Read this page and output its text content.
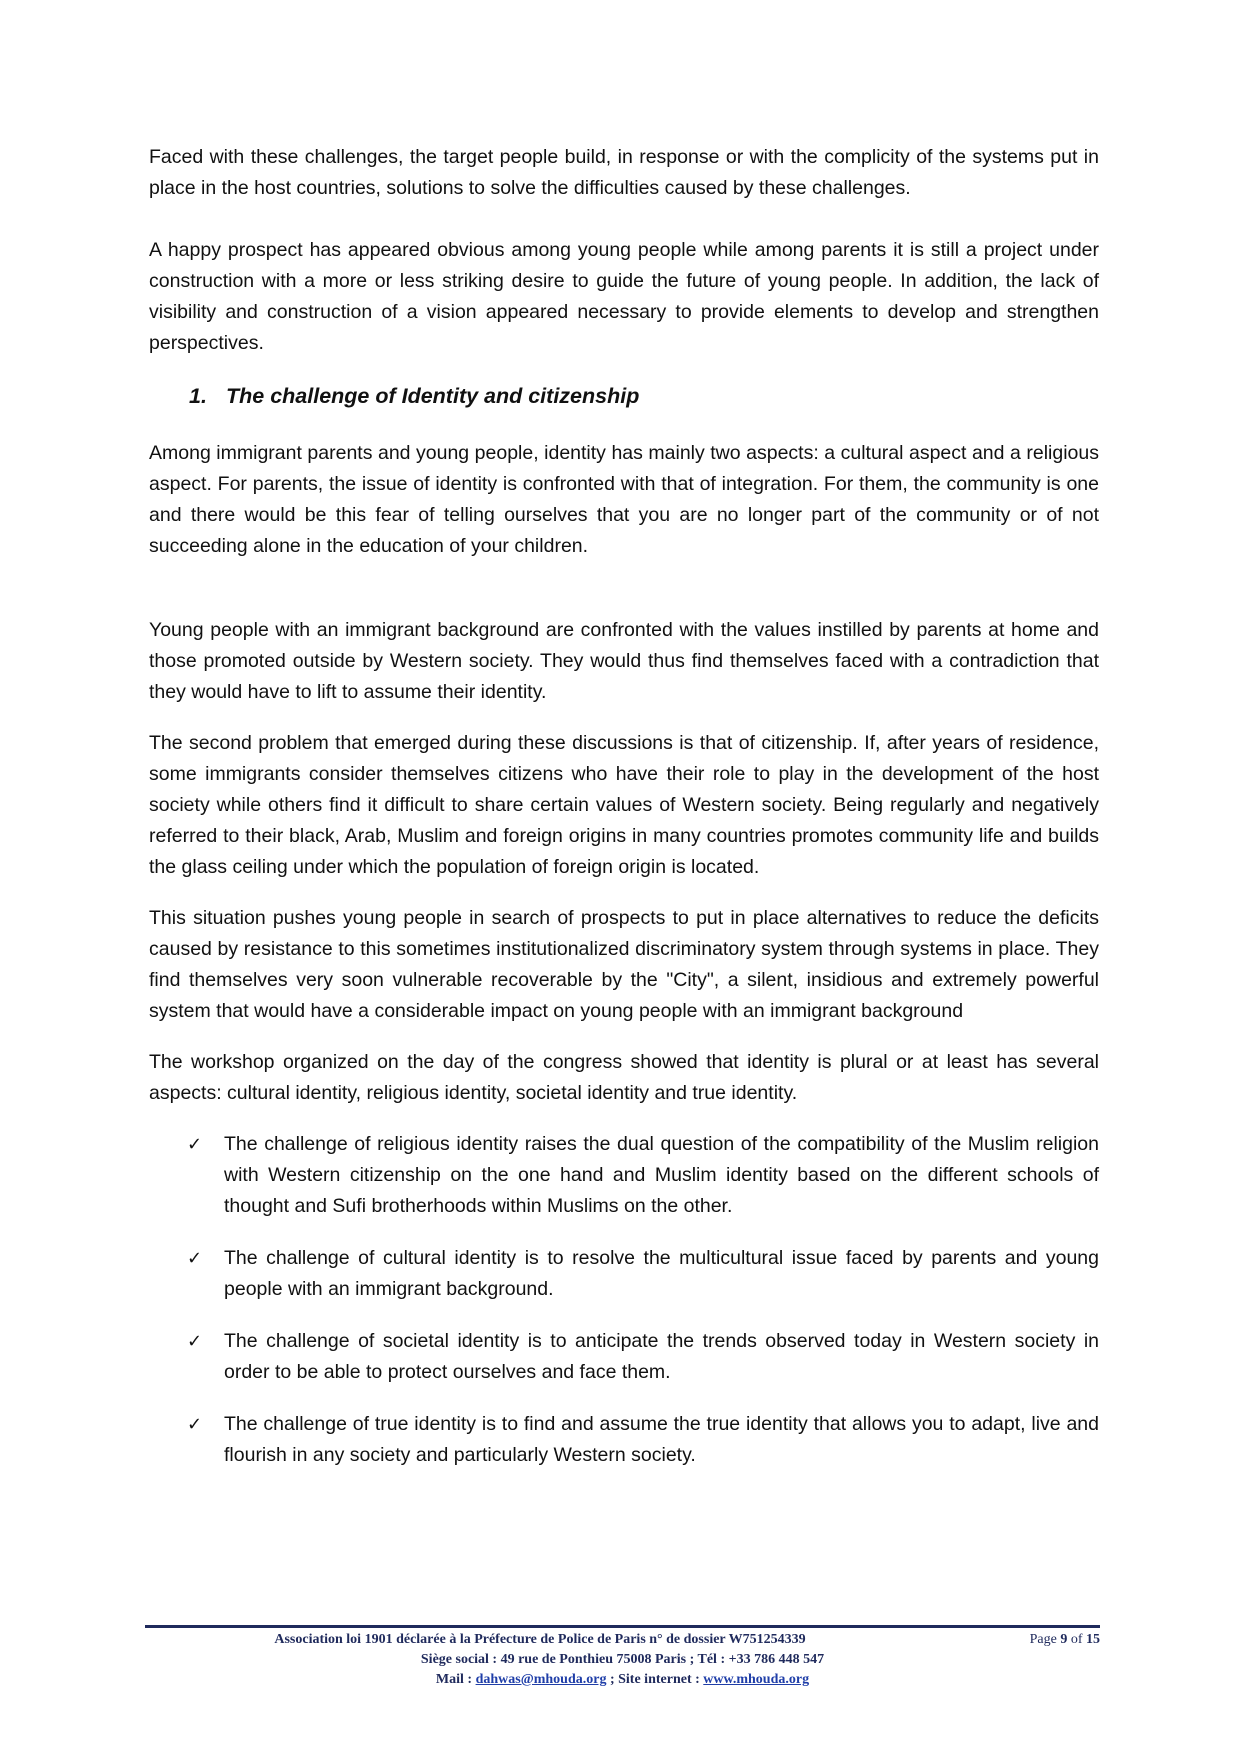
Faced with these challenges, the target people build, in response or with the complicity of the systems put in place in the host countries, solutions to solve the difficulties caused by these challenges.

A happy prospect has appeared obvious among young people while among parents it is still a project under construction with a more or less striking desire to guide the future of young people. In addition, the lack of visibility and construction of a vision appeared necessary to provide elements to develop and strengthen perspectives.

1. The challenge of Identity and citizenship

Among immigrant parents and young people, identity has mainly two aspects: a cultural aspect and a religious aspect. For parents, the issue of identity is confronted with that of integration. For them, the community is one and there would be this fear of telling ourselves that you are no longer part of the community or of not succeeding alone in the education of your children.

Young people with an immigrant background are confronted with the values instilled by parents at home and those promoted outside by Western society. They would thus find themselves faced with a contradiction that they would have to lift to assume their identity.

The second problem that emerged during these discussions is that of citizenship. If, after years of residence, some immigrants consider themselves citizens who have their role to play in the development of the host society while others find it difficult to share certain values of Western society. Being regularly and negatively referred to their black, Arab, Muslim and foreign origins in many countries promotes community life and builds the glass ceiling under which the population of foreign origin is located.

This situation pushes young people in search of prospects to put in place alternatives to reduce the deficits caused by resistance to this sometimes institutionalized discriminatory system through systems in place. They find themselves very soon vulnerable recoverable by the "City", a silent, insidious and extremely powerful system that would have a considerable impact on young people with an immigrant background

The workshop organized on the day of the congress showed that identity is plural or at least has several aspects: cultural identity, religious identity, societal identity and true identity.

✓ The challenge of religious identity raises the dual question of the compatibility of the Muslim religion with Western citizenship on the one hand and Muslim identity based on the different schools of thought and Sufi brotherhoods within Muslims on the other.
✓ The challenge of cultural identity is to resolve the multicultural issue faced by parents and young people with an immigrant background.
✓ The challenge of societal identity is to anticipate the trends observed today in Western society in order to be able to protect ourselves and face them.
✓ The challenge of true identity is to find and assume the true identity that allows you to adapt, live and flourish in any society and particularly Western society.
Association loi 1901 déclarée à la Préfecture de Police de Paris n° de dossier W751254339	Page 9 of 15
Siège social : 49 rue de Ponthieu 75008 Paris ; Tél : +33 786 448 547
Mail : dahwas@mhouda.org ; Site internet : www.mhouda.org
